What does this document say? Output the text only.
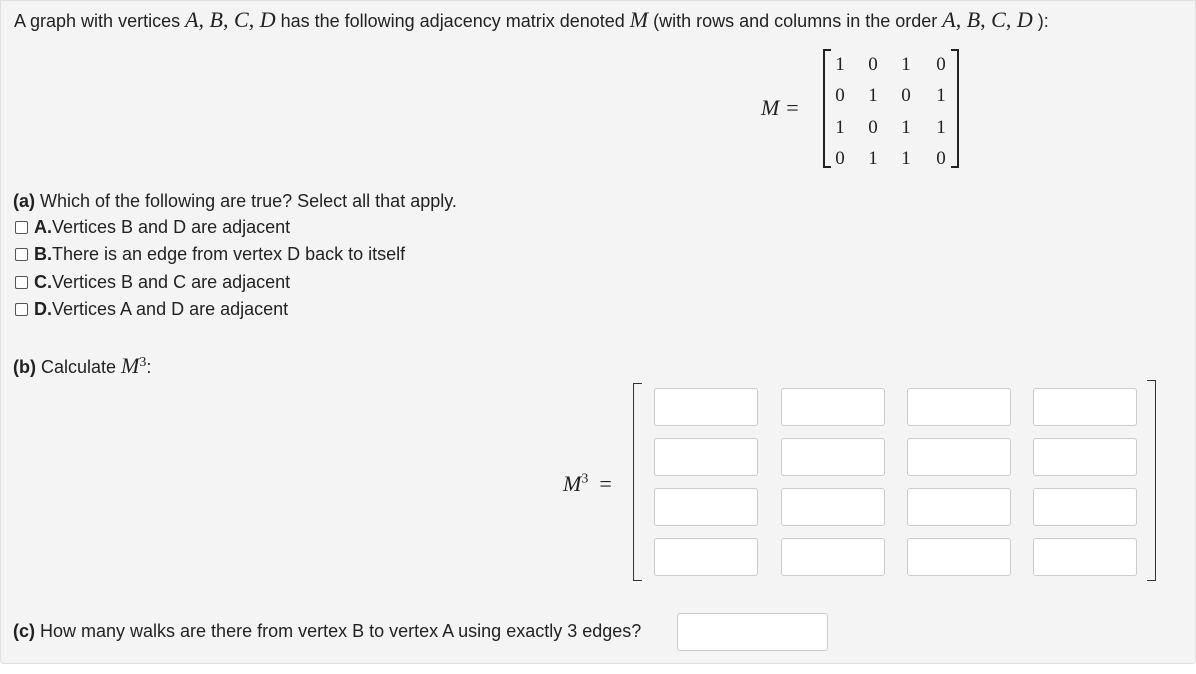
A graph with vertices A, B, C, D has the following adjacency matrix denoted M (with rows and columns in the order A, B, C, D ):
M =
1	0	1	0
0	1	0	1
1	0	1	1
0	1	1	0
(a) Which of the following are true? Select all that apply.
A. Vertices B and D are adjacent
B. There is an edge from vertex D back to itself
C. Vertices B and C are adjacent
D. Vertices A and D are adjacent
(b) Calculate $M^3$:
$M^3$ =
(c) How many walks are there from vertex B to vertex A using exactly 3 edges?
